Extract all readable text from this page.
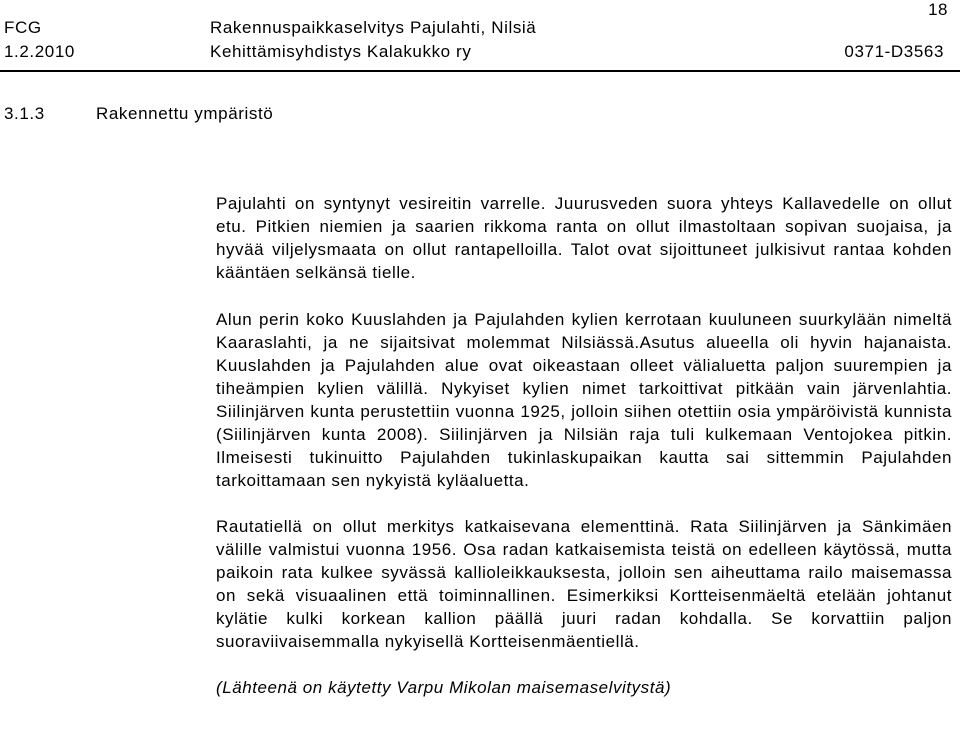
18
FCG	Rakennuspaikkaselvitys Pajulahti, Nilsiä
1.2.2010	Kehittämisyhdistys Kalakukko ry	0371-D3563
3.1.3	Rakennettu ympäristö

Pajulahti on syntynyt vesireitin varrelle. Juurusveden suora yhteys Kallavedelle on ollut etu. Pitkien niemien ja saarien rikkoma ranta on ollut ilmastoltaan sopivan suojaisa, ja hyvää viljelysmaata on ollut rantapelloilla. Talot ovat sijoittuneet julkisivut rantaa kohden kääntäen selkänsä tielle.

Alun perin koko Kuuslahden ja Pajulahden kylien kerrotaan kuuluneen suurkylään nimeltä Kaaraslahti, ja ne sijaitsivat molemmat Nilsiässä.Asutus alueella oli hyvin hajanaista. Kuuslahden ja Pajulahden alue ovat oikeastaan olleet välialuetta paljon suurempien ja tiheämpien kylien välillä. Nykyiset kylien nimet tarkoittivat pitkään vain järvenlahtia. Siilinjärven kunta perustettiin vuonna 1925, jolloin siihen otettiin osia ympäröivistä kunnista (Siilinjärven kunta 2008). Siilinjärven ja Nilsiän raja tuli kulkemaan Ventojokea pitkin. Ilmeisesti tukinuitto Pajulahden tukinlaskupaikan kautta sai sittemmin Pajulahden tarkoittamaan sen nykyistä kyläaluetta.

Rautatiellä on ollut merkitys katkaisevana elementtinä. Rata Siilinjärven ja Sänkimäen välille valmistui vuonna 1956. Osa radan katkaisemista teistä on edelleen käytössä, mutta paikoin rata kulkee syvässä kallioleikkauksesta, jolloin sen aiheuttama railo maisemassa on sekä visuaalinen että toiminnallinen. Esimerkiksi Kortteisenmäeltä etelään johtanut kylätie kulki korkean kallion päällä juuri radan kohdalla. Se korvattiin paljon suoraviivaisemmalla nykyisellä Kortteisenmäentiellä.

(Lähteenä on käytetty Varpu Mikolan maisemaselvitystä)
